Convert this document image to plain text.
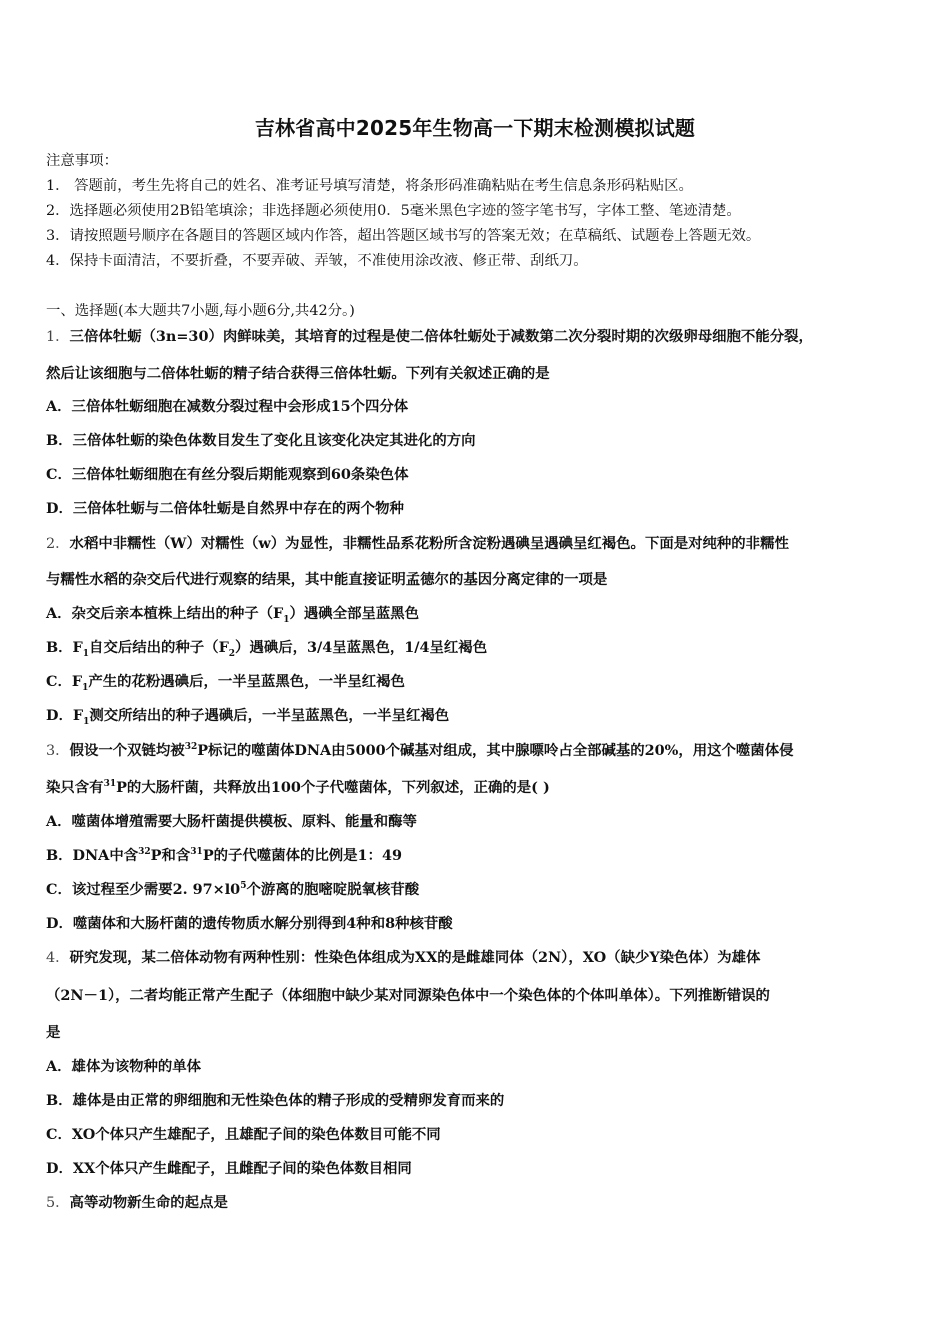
吉林省高中2025年生物高一下期末检测模拟试题
注意事项：
1． 答题前，考生先将自己的姓名、准考证号填写清楚，将条形码准确粘贴在考生信息条形码粘贴区。
2．选择题必须使用2B铅笔填涂；非选择题必须使用0．5毫米黑色字迹的签字笔书写，字体工整、笔迹清楚。
3．请按照题号顺序在各题目的答题区域内作答，超出答题区域书写的答案无效；在草稿纸、试题卷上答题无效。
4．保持卡面清洁，不要折叠，不要弄破、弄皱，不准使用涂改液、修正带、刮纸刀。
一、选择题(本大题共7小题,每小题6分,共42分。)
1．三倍体牡蛎（3n=30）肉鲜味美，其培育的过程是使二倍体牡蛎处于减数第二次分裂时期的次级卵母细胞不能分裂，
然后让该细胞与二倍体牡蛎的精子结合获得三倍体牡蛎。下列有关叙述正确的是
A．三倍体牡蛎细胞在减数分裂过程中会形成15个四分体
B．三倍体牡蛎的染色体数目发生了变化且该变化决定其进化的方向
C．三倍体牡蛎细胞在有丝分裂后期能观察到60条染色体
D．三倍体牡蛎与二倍体牡蛎是自然界中存在的两个物种
2．水稻中非糯性（W）对糯性（w）为显性，非糯性品系花粉所含淀粉遇碘呈遇碘呈红褐色。下面是对纯种的非糯性
与糯性水稻的杂交后代进行观察的结果，其中能直接证明孟德尔的基因分离定律的一项是
A．杂交后亲本植株上结出的种子$(F_1)$遇碘全部呈蓝黑色
B．$F_1$自交后结出的种子$(F_2)$遇碘后，3/4呈蓝黑色，1/4呈红褐色
C．$F_1$产生的花粉遇碘后，一半呈蓝黑色，一半呈红褐色
D．$F_1$测交所结出的种子遇碘后，一半呈蓝黑色，一半呈红褐色
3．假设一个双链均被$^{32}$P标记的噬菌体DNA由5000个碱基对组成，其中腺嘌呤占全部碱基的20%，用这个噬菌体侵
染只含有$^{31}$P的大肠杆菌，共释放出100个子代噬菌体，下列叙述，正确的是( )
A．噬菌体增殖需要大肠杆菌提供模板、原料、能量和酶等
B．DNA中含$^{32}$P和含$^{31}$P的子代噬菌体的比例是1：49
C．该过程至少需要2. $97\times l0^5$个游离的胞嘧啶脱氧核苷酸
D．噬菌体和大肠杆菌的遗传物质水解分别得到4种和8种核苷酸
4．研究发现，某二倍体动物有两种性别：性染色体组成为XX的是雌雄同体（2N），XO（缺少Y染色体）为雄体
（2N－1），二者均能正常产生配子（体细胞中缺少某对同源染色体中一个染色体的个体叫单体）。下列推断错误的
是
A．雄体为该物种的单体
B．雄体是由正常的卵细胞和无性染色体的精子形成的受精卵发育而来的
C．XO个体只产生雄配子，且雄配子间的染色体数目可能不同
D．XX个体只产生雌配子，且雌配子间的染色体数目相同
5．高等动物新生命的起点是
